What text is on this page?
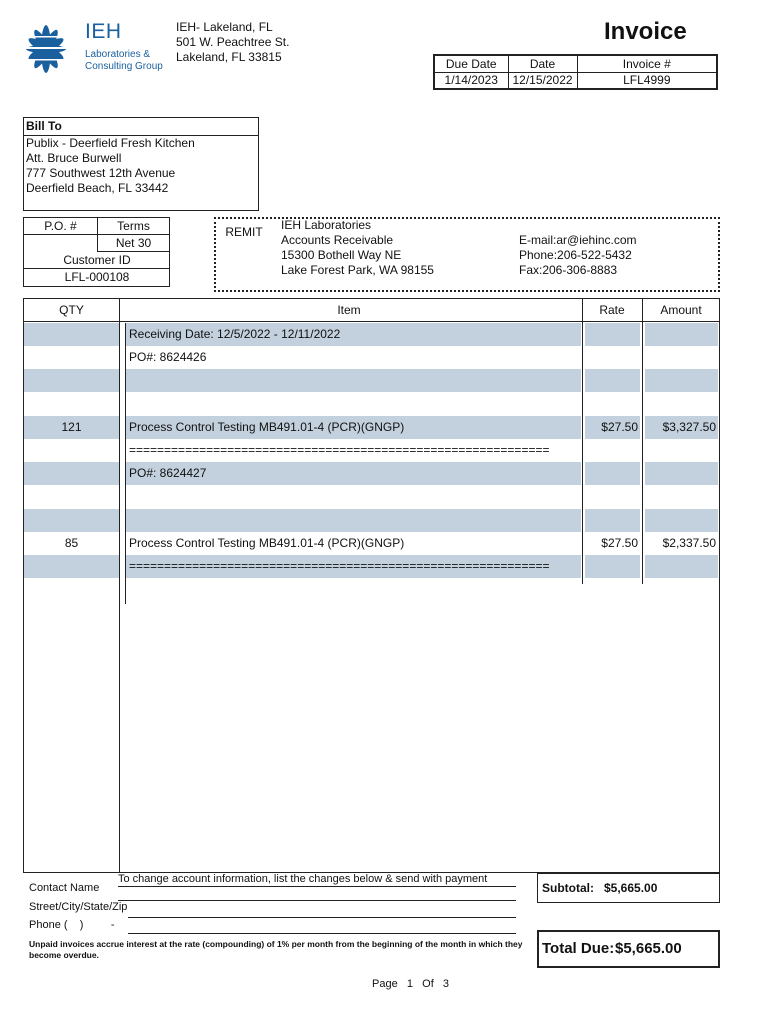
IEH
Laboratories &
Consulting Group
IEH- Lakeland, FL
501 W. Peachtree St.
Lakeland, FL 33815
Invoice
Due Date	Date	Invoice #
1/14/2023	12/15/2022	LFL4999
Bill To
Publix - Deerfield Fresh Kitchen
Att. Bruce Burwell
777 Southwest 12th Avenue
Deerfield Beach, FL 33442
P.O. #	Terms
Net 30
Customer ID
LFL-000108
REMIT	IEH Laboratories
Accounts Receivable
15300 Bothell Way NE
Lake Forest Park, WA 98155
E-mail:ar@iehinc.com
Phone:206-522-5432
Fax:206-306-8883
QTY	Item	Rate	Amount
Receiving Date: 12/5/2022 - 12/11/2022
PO#: 8624426
121	Process Control Testing MB491.01-4 (PCR)(GNGP)	$27.50	$3,327.50
============================================================
PO#: 8624427
85	Process Control Testing MB491.01-4 (PCR)(GNGP)	$27.50	$2,337.50
============================================================
To change account information, list the changes below & send with payment
Contact Name
Street/City/State/Zip
Phone (    )         -
Unpaid invoices accrue interest at the rate (compounding) of 1% per month from the beginning of the month in which they become overdue.
Subtotal: $5,665.00
Total Due: $5,665.00
Page   1   Of   3
